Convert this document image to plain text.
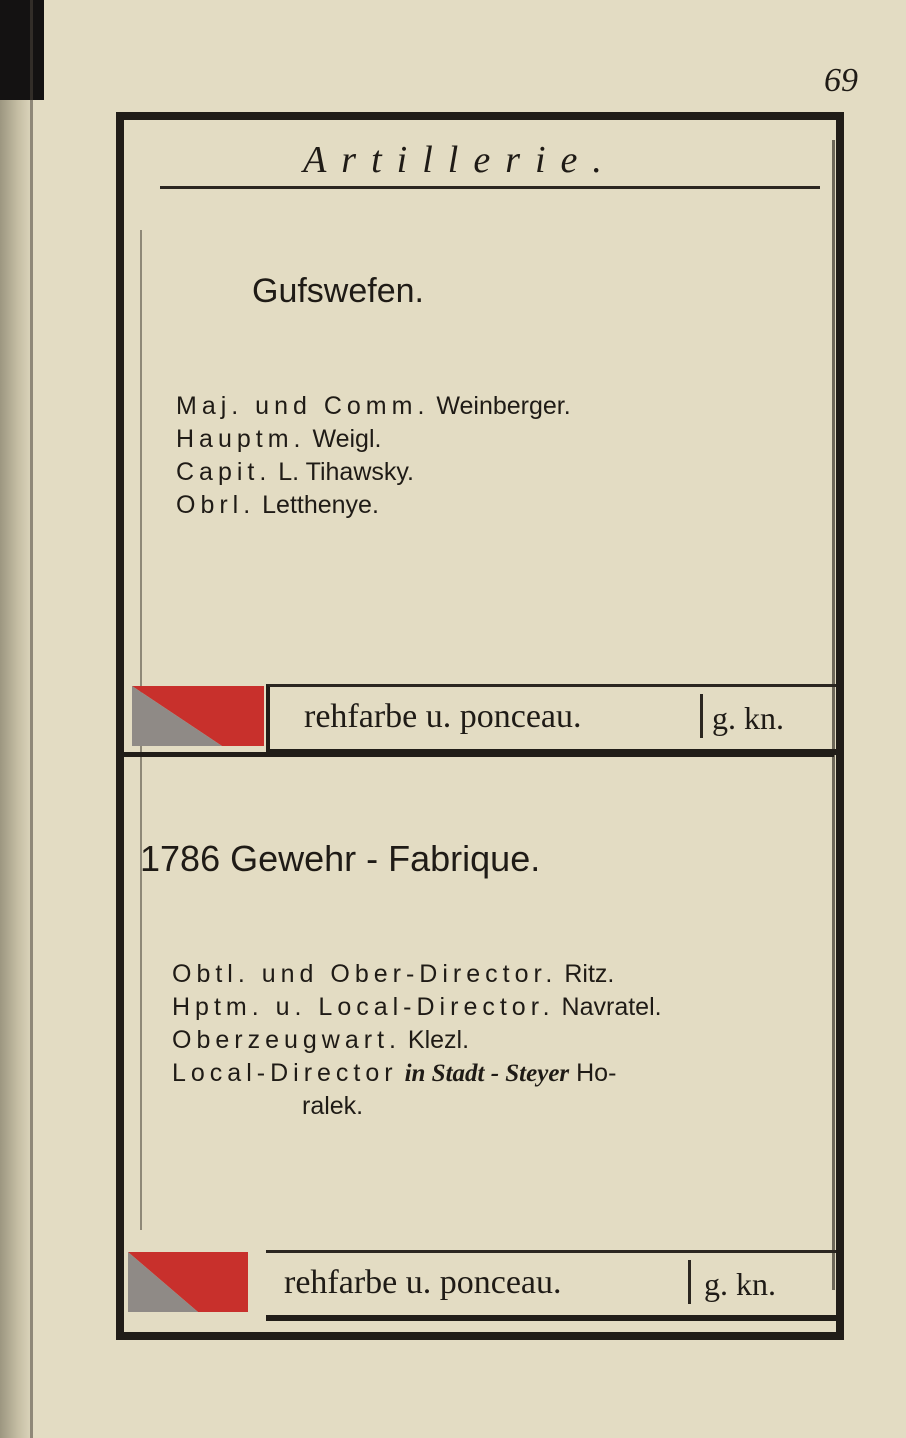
69
Artillerie.
Gufswefen.
Maj. und Comm. Weinberger.
Hauptm. Weigl.
Capit. L. Tihawsky.
Obrl. Letthenye.
rehfarbe u. ponceau.	g. kn.
1786 Gewehr - Fabrique.
Obtl. und Ober-Director. Ritz.
Hptm. u. Local-Director. Navratel.
Oberzeugwart. Klezl.
Local-Director in Stadt - Steyer Ho-
ralek.
rehfarbe u. ponceau.	g. kn.
